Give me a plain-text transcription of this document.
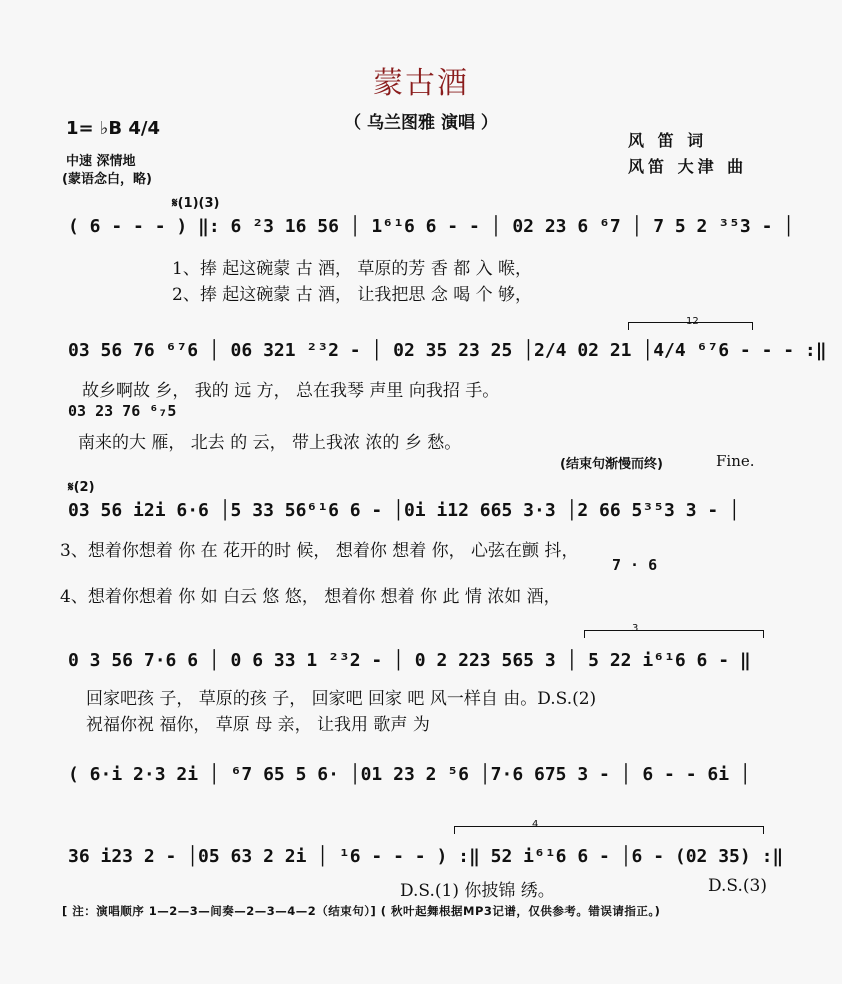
蒙古酒
（ 乌兰图雅 演唱 ）
1= ♭B 4/4
中速 深情地
(蒙语念白，略)
风 笛 词
风笛 大津 曲
𝄋(1)(3)
( 6 - - - ) ‖: 6 ²3 16 56 │ 1⁶¹6 6 - - │ 02 23 6 ⁶7 │ 7 5 2 ³⁵3 - │
1、捧 起这碗蒙 古 酒， 草原的芳 香 都 入 喉，
2、捧 起这碗蒙 古 酒， 让我把思 念 喝 个 够，
12
03 56 76 ⁶⁷6 │ 06 321 ²³2 - │ 02 35 23 25 │2/4 02 21 │4/4 ⁶⁷6 - - - :‖
故乡啊故 乡， 我的 远 方， 总在我琴 声里 向我招 手。
03 23 76 ⁶₇5
南来的大 雁， 北去 的 云， 带上我浓 浓的 乡 愁。
(结束句渐慢而终)	Fine.
𝄋(2)
03 56 i2i 6·6 │5 33 56⁶¹6 6 - │0i i12 665 3·3 │2 66 5³⁵3 3 - │
3、想着你想着 你 在 花开的时 候， 想着你 想着 你， 心弦在颤 抖，
7 · 6
4、想着你想着 你 如 白云 悠 悠， 想着你 想着 你 此 情 浓如 酒，
3
0 3 56 7·6 6 │ 0 6 33 1 ²³2 - │ 0 2 223 565 3 │ 5 22 i⁶¹6 6 - ‖
回家吧孩 子， 草原的孩 子， 回家吧 回家 吧 风一样自 由。D.S.(2)
祝福你祝 福你， 草原 母 亲， 让我用 歌声 为
( 6·i 2·3 2i │ ⁶7 65 5 6· │01 23 2 ⁵6 │7·6 675 3 - │ 6 - - 6i │
4
36 i23 2 - │05 63 2 2i │ ¹6 - - - ) :‖ 52 i⁶¹6 6 - │6 - (02 35) :‖
D.S.(1) 你披锦 绣。	D.S.(3)
[ 注：演唱顺序 1—2—3—间奏—2—3—4—2（结束句）] ( 秋叶起舞根据MP3记谱，仅供参考。错误请指正。)
